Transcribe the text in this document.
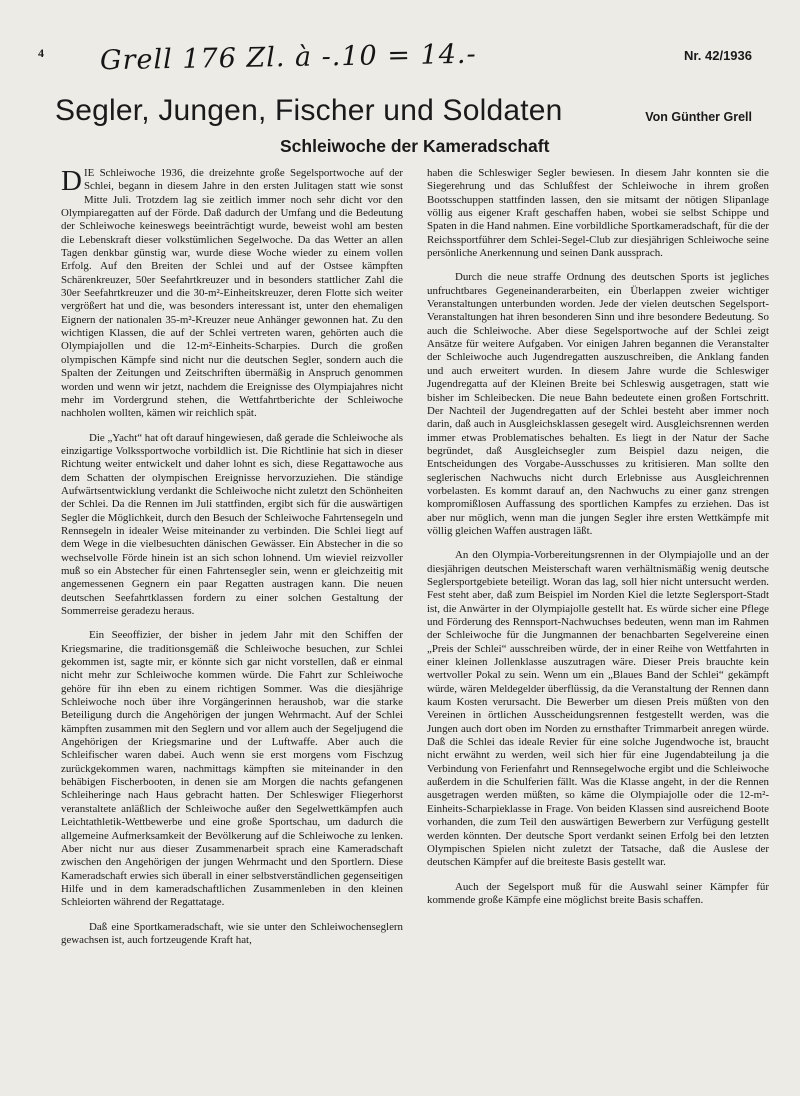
4 Grell 176 Zl. à -.10 = 14.-	Nr. 42/1936
Segler, Jungen, Fischer und Soldaten	Von Günther Grell
Schleiwoche der Kameradschaft

DIE Schleiwoche 1936, die dreizehnte große Segelsportwoche auf der Schlei, begann in diesem Jahre in den ersten Julitagen statt wie sonst Mitte Juli. Trotzdem lag sie zeitlich immer noch sehr dicht vor den Olympiaregatten auf der Förde. Daß dadurch der Umfang und die Bedeutung der Schleiwoche keineswegs beeinträchtigt wurde, beweist wohl am besten die Lebenskraft dieser volkstümlichen Segelwoche. Da das Wetter an allen Tagen denkbar günstig war, wurde diese Woche wieder zu einem vollen Erfolg. Auf den Breiten der Schlei und auf der Ostsee kämpften Schärenkreuzer, 50er Seefahrtkreuzer und in besonders stattlicher Zahl die 30er Seefahrtkreuzer und die 30-m²-Einheitskreuzer, deren Flotte sich weiter vergrößert hat und die, was besonders interessant ist, unter den ehemaligen Eignern der nationalen 35-m²-Kreuzer neue Anhänger gewonnen hat. Zu den wichtigen Klassen, die auf der Schlei vertreten waren, gehörten auch die Olympiajollen und die 12-m²-Einheits-Scharpies. Durch die großen olympischen Kämpfe sind nicht nur die deutschen Segler, sondern auch die Spalten der Zeitungen und Zeitschriften übermäßig in Anspruch genommen worden und wenn wir jetzt, nachdem die Ereignisse des Olympiajahres nicht mehr im Vordergrund stehen, die Wettfahrtberichte der Schleiwoche nachholen wollten, kämen wir reichlich spät.

Die „Yacht“ hat oft darauf hingewiesen, daß gerade die Schleiwoche als einzigartige Volkssportwoche vorbildlich ist. Die Richtlinie hat sich in dieser Richtung weiter entwickelt und daher lohnt es sich, diese Regattawoche aus dem Schatten der olympischen Ereignisse hervorzuziehen. Die ständige Aufwärtsentwicklung verdankt die Schleiwoche nicht zuletzt den Schönheiten der Schlei. Da die Rennen im Juli stattfinden, ergibt sich für die auswärtigen Segler die Möglichkeit, durch den Besuch der Schleiwoche Fahrtensegeln und Rennsegeln in idealer Weise miteinander zu verbinden. Die Schlei liegt auf dem Wege in die vielbesuchten dänischen Gewässer. Ein Abstecher in die so wechselvolle Förde hinein ist an sich schon lohnend. Um wieviel reizvoller muß so ein Abstecher für einen Fahrtensegler sein, wenn er gleichzeitig mit angemessenen Gegnern ein paar Regatten austragen kann. Die neuen deutschen Seefahrtklassen fordern zu einer solchen Gestaltung der Sommerreise geradezu heraus.

Ein Seeoffizier, der bisher in jedem Jahr mit den Schiffen der Kriegsmarine, die traditionsgemäß die Schleiwoche besuchen, zur Schlei gekommen ist, sagte mir, er könnte sich gar nicht vorstellen, daß er einmal nicht mehr zur Schleiwoche kommen würde. Die Fahrt zur Schleiwoche gehöre für ihn eben zu einem richtigen Sommer. Was die diesjährige Schleiwoche noch über ihre Vorgängerinnen heraushob, war die starke Beteiligung durch die Angehörigen der jungen Wehrmacht. Auf der Schlei kämpften zusammen mit den Seglern und vor allem auch der Segeljugend die Angehörigen der Kriegsmarine und der Luftwaffe. Aber auch die Schleifischer waren dabei. Auch wenn sie erst morgens vom Fischzug zurückgekommen waren, nachmittags kämpften sie miteinander in den behäbigen Fischerbooten, in denen sie am Morgen die nachts gefangenen Schleiheringe nach Haus gebracht hatten. Der Schleswiger Fliegerhorst veranstaltete anläßlich der Schleiwoche außer den Segelwettkämpfen auch Leichtathletik-Wettbewerbe und eine große Sportschau, um dadurch die allgemeine Aufmerksamkeit der Bevölkerung auf die Schleiwoche zu lenken. Aber nicht nur aus dieser Zusammenarbeit sprach eine Kameradschaft zwischen den Angehörigen der jungen Wehrmacht und den Sportlern. Diese Kameradschaft erwies sich überall in einer selbstverständlichen gegenseitigen Hilfe und in dem kameradschaftlichen Zusammenleben in den kleinen Schleiorten während der Regattatage.

Daß eine Sportkameradschaft, wie sie unter den Schleiwochenseglern gewachsen ist, auch fortzeugende Kraft hat,

haben die Schleswiger Segler bewiesen. In diesem Jahr konnten sie die Siegerehrung und das Schlußfest der Schleiwoche in ihrem großen Bootsschuppen stattfinden lassen, den sie mitsamt der nötigen Slipanlage völlig aus eigener Kraft geschaffen haben, wobei sie selbst Schippe und Spaten in die Hand nahmen. Eine vorbildliche Sportkameradschaft, für die der Reichssportführer dem Schlei-Segel-Club zur diesjährigen Schleiwoche seine persönliche Anerkennung und seinen Dank aussprach.

Durch die neue straffe Ordnung des deutschen Sports ist jegliches unfruchtbares Gegeneinanderarbeiten, ein Überlappen zweier wichtiger Veranstaltungen unterbunden worden. Jede der vielen deutschen Segelsport-Veranstaltungen hat ihren besonderen Sinn und ihre besondere Bedeutung. So auch die Schleiwoche. Aber diese Segelsportwoche auf der Schlei zeigt Ansätze für weitere Aufgaben. Vor einigen Jahren begannen die Veranstalter der Schleiwoche auch Jugendregatten auszuschreiben, die Anklang fanden und auch erweitert wurden. In diesem Jahre wurde die Schleswiger Jugendregatta auf der Kleinen Breite bei Schleswig ausgetragen, statt wie bisher im Schleibecken. Die neue Bahn bedeutete einen großen Fortschritt. Der Nachteil der Jugendregatten auf der Schlei besteht aber immer noch darin, daß auch in Ausgleichsklassen gesegelt wird. Ausgleichsrennen werden immer etwas Problematisches behalten. Es liegt in der Natur der Sache begründet, daß Ausgleichsegler zum Beispiel dazu neigen, die Entscheidungen des Vorgabe-Ausschusses zu kritisieren. Man sollte den seglerischen Nachwuchs nicht durch Erlebnisse aus Ausgleichrennen vorbelasten. Es kommt darauf an, den Nachwuchs zu einer ganz strengen kompromißlosen Auffassung des sportlichen Kampfes zu erziehen. Das ist aber nur möglich, wenn man die jungen Segler ihre ersten Wettkämpfe mit völlig gleichen Waffen austragen läßt.

An den Olympia-Vorbereitungsrennen in der Olympiajolle und an der diesjährigen deutschen Meisterschaft waren verhältnismäßig wenig deutsche Seglersportgebiete beteiligt. Woran das lag, soll hier nicht untersucht werden. Fest steht aber, daß zum Beispiel im Norden Kiel die letzte Seglersport-Stadt ist, die Anwärter in der Olympiajolle gestellt hat. Es würde sicher eine Pflege und Förderung des Rennsport-Nachwuchses bedeuten, wenn man im Rahmen der Schleiwoche für die Jungmannen der benachbarten Segelvereine einen „Preis der Schlei“ ausschreiben würde, der in einer Reihe von Wettfahrten in einer kleinen Jollenklasse auszutragen wäre. Dieser Preis brauchte kein wertvoller Pokal zu sein. Wenn um ein „Blaues Band der Schlei“ gekämpft würde, wären Meldegelder überflüssig, da die Veranstaltung der Rennen dann kaum Kosten verursacht. Die Bewerber um diesen Preis müßten von den Vereinen in örtlichen Ausscheidungsrennen festgestellt werden, was die Jungen auch dort oben im Norden zu ernsthafter Trimmarbeit anregen würde. Daß die Schlei das ideale Revier für eine solche Jugendwoche ist, braucht nicht erwähnt zu werden, weil sich hier für eine Jugendabteilung ja die Verbindung von Ferienfahrt und Rennsegelwoche ergibt und die Schleiwoche außerdem in die Schulferien fällt. Was die Klasse angeht, in der die Rennen ausgetragen werden müßten, so käme die Olympiajolle oder die 12-m²-Einheits-Scharpieklasse in Frage. Von beiden Klassen sind ausreichend Boote vorhanden, die zum Teil den auswärtigen Bewerbern zur Verfügung gestellt werden könnten. Der deutsche Sport verdankt seinen Erfolg bei den letzten Olympischen Spielen nicht zuletzt der Tatsache, daß die Auslese der deutschen Kämpfer auf die breiteste Basis gestellt war.

Auch der Segelsport muß für die Auswahl seiner Kämpfer für kommende große Kämpfe eine möglichst breite Basis schaffen.
